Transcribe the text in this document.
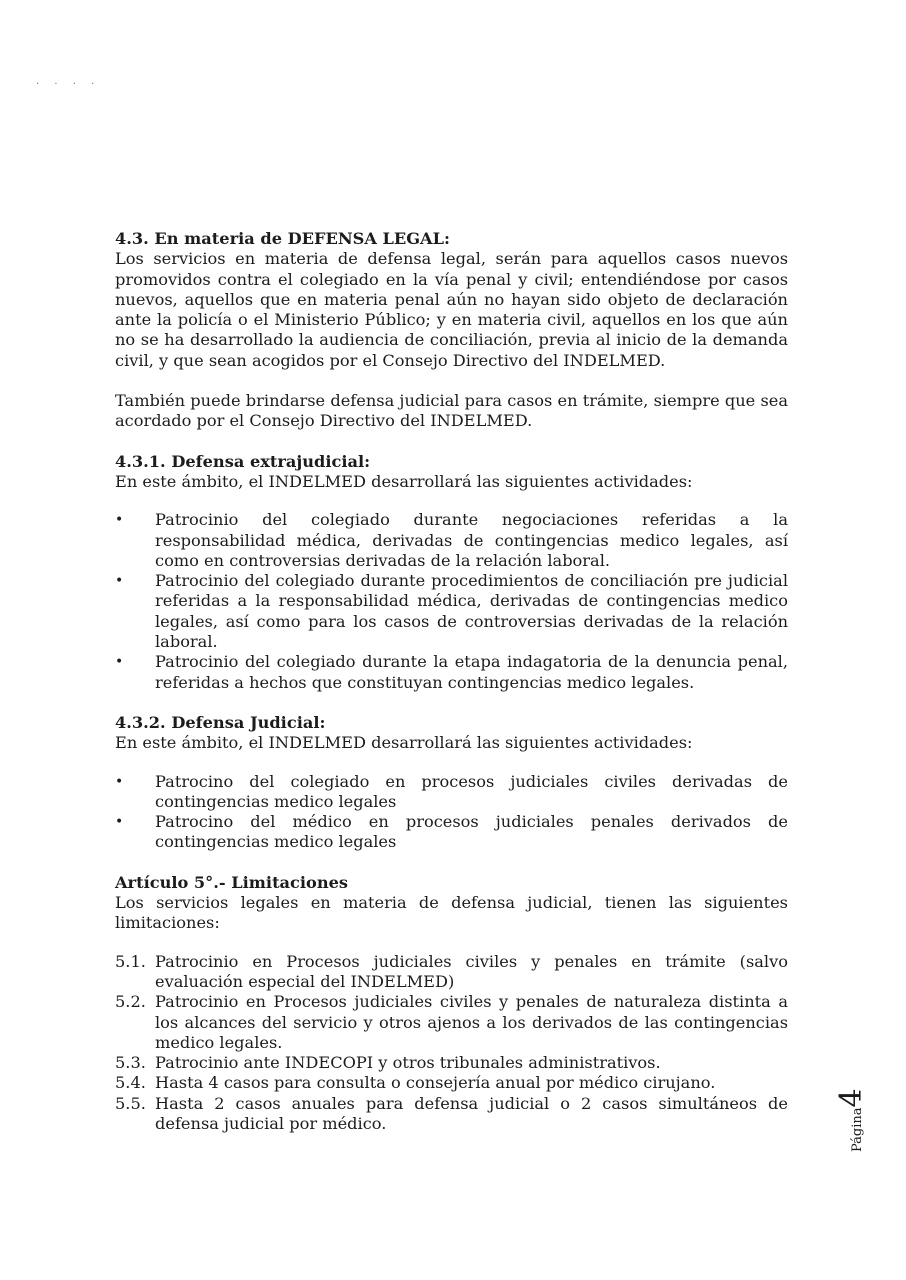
· · · ·
4.3. En materia de DEFENSA LEGAL:

Los servicios en materia de defensa legal, serán para aquellos casos nuevos promovidos contra el colegiado en la vía penal y civil; entendiéndose por casos nuevos, aquellos que en materia penal aún no hayan sido objeto de declaración ante la policía o el Ministerio Público; y en materia civil, aquellos en los que aún no se ha desarrollado la audiencia de conciliación, previa al inicio de la demanda civil, y que sean acogidos por el Consejo Directivo del INDELMED.

También puede brindarse defensa judicial para casos en trámite, siempre que sea acordado por el Consejo Directivo del INDELMED.

4.3.1. Defensa extrajudicial:

En este ámbito, el INDELMED desarrollará las siguientes actividades:

• Patrocinio del colegiado durante negociaciones referidas a la responsabilidad médica, derivadas de contingencias medico legales, así como en controversias derivadas de la relación laboral.
• Patrocinio del colegiado durante procedimientos de conciliación pre judicial referidas a la responsabilidad médica, derivadas de contingencias medico legales, así como para los casos de controversias derivadas de la relación laboral.
• Patrocinio del colegiado durante la etapa indagatoria de la denuncia penal, referidas a hechos que constituyan contingencias medico legales.
4.3.2. Defensa Judicial:

En este ámbito, el INDELMED desarrollará las siguientes actividades:

• Patrocino del colegiado en procesos judiciales civiles derivadas de contingencias medico legales
• Patrocino del médico en procesos judiciales penales derivados de contingencias medico legales
Artículo 5°.- Limitaciones

Los servicios legales en materia de defensa judicial, tienen las siguientes limitaciones:

5.1. Patrocinio en Procesos judiciales civiles y penales en trámite (salvo evaluación especial del INDELMED)
5.2. Patrocinio en Procesos judiciales civiles y penales de naturaleza distinta a los alcances del servicio y otros ajenos a los derivados de las contingencias medico legales.
5.3. Patrocinio ante INDECOPI y otros tribunales administrativos.
5.4. Hasta 4 casos para consulta o consejería anual por médico cirujano.
5.5. Hasta 2 casos anuales para defensa judicial o 2 casos simultáneos de defensa judicial por médico.	Página4
